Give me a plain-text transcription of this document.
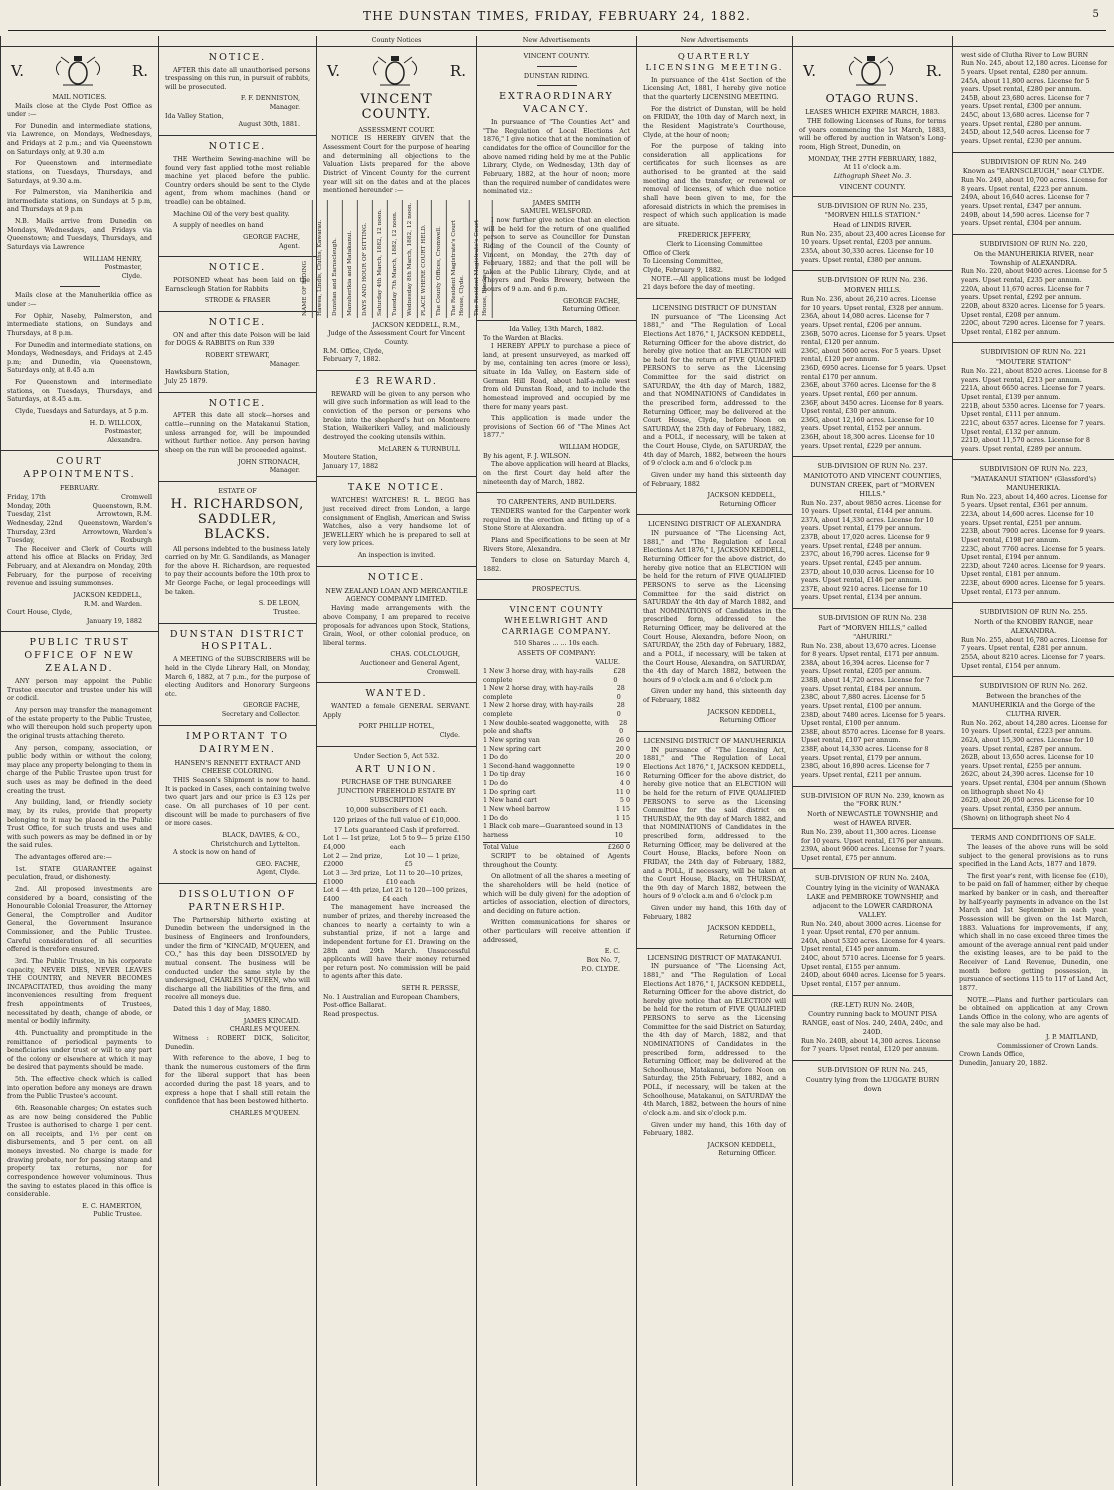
THE DUNSTAN TIMES, FRIDAY, FEBRUARY 24, 1882.	5

V.	R.
MAIL NOTICES.

Mails close at the Clyde Post Office as under :—

For Dunedin and intermediate stations, via Lawrence, on Mondays, Wednesdays, and Fridays at 2 p.m.; and via Queenstown on Saturdays only, at 9.30 a.m

For Queenstown and intermediate stations, on Tuesdays, Thursdays, and Saturdays, at 9.30 a.m.

For Palmerston, via Maniherikia and intermediate stations, on Sundays at 5 p.m, and Thursdays at 9 p.m

N.B. Mails arrive from Dunedin on Mondays, Wednesdays, and Fridays via Queenstown; and Tuesdays, Thursdays, and Saturdays via Lawrence

WILLIAM HENRY,
Postmaster,
Clyde.

Mails close at the Manuherikia office as under :—

For Ophir, Naseby, Palmerston, and intermediate stations, on Sundays and Thursdays, at 8 p.m.

For Dunedin and intermediate stations, on Mondays, Wednesdays, and Fridays at 2.45 p.m; and Dunedin, via Queenstown, Saturdays only, at 8.45 a.m

For Queenstown and intermediate stations, on Tuesdays, Thursdays, and Saturdays, at 8.45 a.m.

Clyde, Tuesdays and Saturdays, at 5 p.m.

H. D. WILLCOX,
Postmaster,
Alexandra.
COURT APPOINTMENTS.
FEBRUARY.
Friday, 17th	Cromwell
Monday, 20th	Queenstown, R.M.
Tuesday, 21st	Arrowtown, R.M.
Wednesday, 22nd Queenstown, Warden's
Thursday, 23rd	Arrowtown, Warden's
Tuesday,	Roxburgh

The Receiver and Clerk of Courts will attend his office at Blacks on Friday, 3rd February, and at Alexandra on Monday, 20th February, for the purpose of receiving revenue and issuing summonses.

JACKSON KEDDELL,
R.M. and Warden.
Court House, Clyde,
January 19, 1882
PUBLIC TRUST OFFICE OF NEW ZEALAND.

ANY person may appoint the Public Trustee executor and trustee under his will or codicil.

Any person may transfer the management of the estate property to the Public Trustee, who will thereupon hold such property upon the original trusts attaching thereto.

Any person, company, association, or public body within or without the colony, may place any property belonging to them in charge of the Public Trustee upon trust for such uses as may be defined in the deed creating the trust.

Any building, land, or friendly society may, by its rules, provide that property belonging to it may be placed in the Public Trust Office, for such trusts and uses and with such powers as may be defined in or by the said rules.

The advantages offered are:—

1st. STATE GUARANTEE against peculation, fraud, or dishonesty.

2nd. All proposed investments are considered by a board, consisting of the Honourable Colonial Treasurer, the Attorney General, the Comptroller and Auditor General, the Government Insurance Commissioner, and the Public Trustee. Careful consideration of all securities offered is therefore ensured.

3rd. The Public Trustee, in his corporate capacity, NEVER DIES, NEVER LEAVES THE COUNTRY, and NEVER BECOMES INCAPACITATED, thus avoiding the many inconveniences resulting from frequent fresh appointments of Trustees, necessitated by death, change of abode, or mental or bodily infirmity.

4th. Punctuality and promptitude in the remittance of periodical payments to beneficiaries under trust or will to any part of the colony or elsewhere at which it may be desired that payments should be made.

5th. The effective check which is called into operation before any moneys are drawn from the Public Trustee's account.

6th. Reasonable charges; On estates such as are now being considered the Public Trustee is authorised to charge 1 per cent. on all receipts, and 1½ per cent on disbursements, and 5 per cent. on all moneys invested. No charge is made for drawing probate, nor for passing stamp and property tax returns, nor for correspondence however voluminous. Thus the saving to estates placed in this office is considerable.

E. C. HAMERTON,
Public Trustee.

NOTICE.

AFTER this date all unauthorised persons trespassing on this run, in pursuit of rabbits, will be prosecuted.

F. F. DENNISTON,
Manager.
Ida Valley Station,
August 30th, 1881.
NOTICE.

THE Wertheim Sewing-machine will be found very fast applied tothe most reliable machine yet placed before the public. Country orders should be sent to the Clyde agent, from whom machines (hand or treadle) can be obtained.

Machine Oil of the very best quality.

A supply of needles on hand

GEORGE FACHE,
Agent.
NOTICE.

POISONED wheat has been laid on the Earnscleugh Station for Rabbits

STRODE & FRASER
NOTICE.

ON and after this date Poison will be laid for DOGS & RABBITS on Run 339

ROBERT STEWART,
Manager.
Hawksburn Station,
July 25 1879.
NOTICE.

AFTER this date all stock—horses and cattle—running on the Matakanui Station, unless arranged for, will be impounded without further notice. Any person having sheep on the run will be proceeded against.

JOHN STRONACH,
Manager.
ESTATE OF
H. RICHARDSON, SADDLER, BLACKS.

All persons indebted to the business lately carried on by Mr. G. Sandilands, as Manager for the above H. Richardson, are requested to pay their accounts before the 10th prox to Mr George Fache, or legal proceedings will be taken.

S. DE LEON,
Trustee.
DUNSTAN DISTRICT HOSPITAL.

A MEETING of the SUBSCRIBERS will be held in the Clyde Library Hall, on Monday, March 6, 1882, at 7 p.m., for the purpose of electing Auditors and Honorary Surgeons etc.

GEORGE FACHE,
Secretary and Collector.
IMPORTANT TO DAIRYMEN.
HANSEN'S RENNETT EXTRACT AND CHEESE COLORING.

THIS Season's Shipment is now to hand. It is packed in Cases, each containing twelve two quart jars and our price is £3 12s per case. On all purchases of 10 per cent. discount will be made to purchasers of five or more cases.

BLACK, DAVIES, & CO.,
Christchurch and Lyttelton.

A stock is now on hand of

GEO. FACHE,
Agent, Clyde.
DISSOLUTION OF PARTNERSHIP.

The Partnership hitherto existing at Dunedin between the undersigned in the business of Engineers and Ironfounders, under the firm of "KINCAID, M'QUEEN, and CO.," has this day been DISSOLVED by mutual consent. The business will be conducted under the same style by the undersigned, CHARLES M'QUEEN, who will discharge all the liabilities of the firm, and receive all moneys due.

Dated this 1 day of May, 1880.

JAMES KINCAID.
CHARLES M'QUEEN.

Witness : ROBERT DICK, Solicitor, Dunedin.

With reference to the above, I beg to thank the numerous customers of the firm for the liberal support that has been accorded during the past 18 years, and to express a hope that I shall still retain the confidence that has been bestowed hitherto.

CHARLES M'QUEEN.
County Notices
V.	R.
VINCENT COUNTY.
ASSESSMENT COURT.

NOTICE IS HEREBY GIVEN that the Assessment Court for the purpose of hearing and determining all objections to the Valuation Lists prepared for the above District of Vincent County for the current year will sit on the dates and at the places mentioned hereunder :—

NAME OF RIDING	Hawea, Lindis, Cluths, Kawarau.	Dunstan and Earnscleugh.	Manuherikia and Matakanui.	DAYS AND HOUR OF SITTING.	Saturday 4th March, 1882, 12 noon.	Tuesday 7th March, 1882, 12 noon.	Wednesday 8th March, 1882, 12 noon.	PLACE WHERE COURT HELD.	The County Offices, Cromwell.	The Resident Magistrate's Court House, Clyde.	The Resident Magistrate's Court House, Blacks.
JACKSON KEDDELL, R.M.,
Judge of the Assessment Court for Vincent County.
R.M. Office, Clyde,
February 7, 1882.
£3 REWARD.

REWARD will be given to any person who will give such information as will lead to the conviction of the person or persons who broke into the shepherd's hut on Monteere Station, Waikerikeri Valley, and maliciously destroyed the cooking utensils within.

McLAREN & TURNBULL
Moutere Station,
January 17, 1882
TAKE NOTICE.

WATCHES! WATCHES! R. L. BEGG has just received direct from London, a large consignment of English, American and Swiss Watches, also a very handsome lot of JEWELLERY which he is prepared to sell at very low prices.

An inspection is invited.
NOTICE.
NEW ZEALAND LOAN AND MERCANTILE AGENCY COMPANY LIMITED.

Having made arrangements with the above Company, I am prepared to receive proposals for advances upon Stock, Stations, Grain, Wool, or other colonial produce, on liberal terms.

CHAS. COLCLOUGH,
Auctioneer and General Agent,
Cromwell.
WANTED.

WANTED a female GENERAL SERVANT. Apply

PORT PHILLIP HOTEL,
Clyde.
Under Section 5, Act 532.
ART UNION.
PURCHASE OF THE BUNGAREE JUNCTION FREEHOLD ESTATE BY SUBSCRIPTION
10,000 subscribers of £1 each.
120 prizes of the full value of £10,000.
17 Lots guaranteed Cash if preferred.
Lot 1 — 1st prize, £4,000
Lot 5 to 9— 5 prize £150 each
Lot 2 — 2nd prize, £2000
Lot 10 — 1 prize, £5
Lot 3 — 3rd prize, £1000
Lot 11 to 20—10 prizes, £10 each
Lot 4 — 4th prize, £400
Lot 21 to 120—100 prizes, £4 each

The management have increased the number of prizes, and thereby increased the chances to nearly a certainty to win a substantial prize, if not a large and independent fortune for £1. Drawing on the 28th and 29th March. Unsuccessful applicants will have their money returned per return post. No commission will be paid to agents after this date.

SETH R. PERSSE,
No. 1 Australian and European Chambers, Post-office Ballarat.
Read prospectus.
New Advertisements
VINCENT COUNTY.
DUNSTAN RIDING.
EXTRAORDINARY VACANCY.

In pursuance of "The Counties Act" and "The Regulation of Local Elections Act 1876," I give notice that at the nomination of candidates for the office of Councillor for the above named riding held by me at the Public Library, Clyde, on Wednesday, 13th day of February, 1882, at the hour of noon; more than the required number of candidates were nominated viz.:

JAMES SMITH
SAMUEL WELSFORD.

I now further give notice that an election will be held for the return of one qualified person to serve as Councillor for Dunstan Riding of the Council of the County of Vincent, on Monday, the 27th day of February, 1882; and that the poll will be taken at the Public Library, Clyde, and at Theyers and Peeks Brewery, between the hours of 9 a.m. and 6 p.m.

GEORGE FACHE,
Returning Officer.
Ida Valley, 13th March, 1882.
To the Warden at Blacks.

I HEREBY APPLY to purchase a piece of land, at present unsurveyed, as marked off by me, containing ten acres (more or less), situate in Ida Valley, on Eastern side of German Hill Road, about half-a-mile west from old Dunstan Road, and to include the homestead improved and occupied by me there for many years past.

This application is made under the provisions of Section 66 of "The Mines Act 1877."

WILLIAM HODGE,
By his agent, F. J. WILSON.

The above application will heard at Blacks, on the first Court day held after the nineteenth day of March, 1882.

TO CARPENTERS, AND BUILDERS.

TENDERS wanted for the Carpenter work required in the erection and fitting up of a Stone Store at Alexandra.

Plans and Specifications to be seen at Mr Rivers Store, Alexandra.

Tenders to close on Saturday March 4, 1882.

PROSPECTUS.
VINCENT COUNTY WHEELWRIGHT AND CARRIAGE COMPANY.
510 Shares ... ... 10s each.
ASSETS OF COMPANY:
VALUE.
1 New 3 horse dray, with hay-rails complete
£28 0
1 New 2 horse dray, with hay-rails complete
28 0
1 New 2 horse dray, with hay-rails complete
28 0
1 New double-seated waggonette, with pole and shafts
28 0
1 New spring van	26 0
1 New spring cart	20 0
1 Do do	20 0
1 Second-hand waggonnette	19 0
1 Do tip dray	16 0
1 Do do	4 0
1 Do spring cart	11 0
1 New hand cart	5 0
1 New wheel barrow	1 15
1 Do do	1 15
1 Black cob mare—Guaranteed sound in harness
13 10
Total Value	£260 0

SCRIPT to be obtained of Agents throughout the County.

On allotment of all the shares a meeting of the shareholders will be held (notice of which will be duly given) for the adoption of articles of association, election of directors, and deciding on future action.

Written communications for shares or other particulars will receive attention if addressed,

E. C.
Box No. 7,
P.O. CLYDE.
New Advertisements
QUARTERLY LICENSING MEETING.

In pursuance of the 41st Section of the Licensing Act, 1881, I hereby give notice that the quarterly LICENSING MEETING.

For the district of Dunstan, will be held on FRIDAY, the 10th day of March next, in the Resident Magistrate's Courthouse, Clyde, at the hour of noon;

For the purpose of taking into consideration all applications for certificates for such licenses as are authorised to be granted at the said meeting and the transfer, or renewal or removal of licenses, of which due notice shall have been given to me, for the aforesaid districts in which the premises in respect of which such application is made are situate.

FREDERICK JEFFERY,
Clerk to Licensing Committee
Office of Clerk
To Licensing Committee,
Clyde, February 9, 1882.

NOTE.—All applications must be lodged 21 days before the day of meeting.

LICENSING DISTRICT OF DUNSTAN

IN pursuance of "The Licensing Act 1881," and "The Regulation of Local Elections Act 1876," I, JACKSON KEDDELL, Returning Officer for the above district, do hereby give notice that an ELECTION will be held for the return of FIVE QUALIFIED PERSONS to serve as the Licensing Committee for the said district on SATURDAY, the 4th day of March, 1882, and that NOMINATIONS of Candidates in the prescribed form, addressed to the Returning Officer, may be delivered at the Court House, Clyde, before Noon on SATURDAY, the 25th day of February, 1882, and a POLL, if necessary, will be taken at the Court House, Clyde, on SATURDAY, the 4th day of March, 1882, between the hours of 9 o'clock a.m and 6 o'clock p.m

Given under my hand this sixteenth day of February, 1882

JACKSON KEDDELL,
Returning Officer
LICENSING DISTRICT OF ALEXANDRA

IN pursuance of "The Licensing Act, 1881," and "The Regulation of Local Elections Act 1876," I, JACKSON KEDDELL, Returning Officer for the above district, do hereby give notice that an ELECTION will be held for the return of FIVE QUALIFIED PERSONS to serve as the Licensing Committee for the said district on SATURDAY the 4th day of March 1882, and that NOMINATIONS of Candidates in the prescribed form, addressed to the Returning Officer, may be delivered at the Court House, Alexandra, before Noon, on SATURDAY, the 25th day of February, 1882, and a POLL, if necessary, will be taken at the Court House, Alexandra, on SATURDAY, the 4th day of March 1882, between the hours of 9 o'clock a.m and 6 o'clock p.m

Given under my hand, this sixteenth day of February, 1882

JACKSON KEDDELL,
Returning Officer
LICENSING DISTRICT OF MANUHERIKIA

IN pursuance of "The Licensing Act, 1881," and "The Regulation of Local Elections Act 1876," I, JACKSON KEDDELL, Returning Officer for the above district, do hereby give notice that an ELECTION will be held for the return of FIVE QUALIFIED PERSONS to serve as the Licensing Committee for the said district on THURSDAY, the 9th day of March 1882, and that NOMINATIONS of Candidates in the prescribed form, addressed to the Returning Officer, may be delivered at the Court House, Blacks, before Noon on FRIDAY, the 24th day of February, 1882, and a POLL, if necessary, will be taken at the Court House, Blacks, on THURSDAY, the 9th day of March 1882, between the hours of 9 o'clock a.m and 6 o'clock p.m

Given under my hand, this 16th day of February, 1882

JACKSON KEDDELL,
Returning Officer
LICENSING DISTRICT OF MATAKANUI.

IN pursuance of "The Licensing Act, 1881," and "The Regulation of Local Elections Act 1876," I, JACKSON KEDDELL, Returning Officer for the above district, do hereby give notice that an ELECTION will be held for the return of FIVE QUALIFIED PERSONS to serve as the Licensing Committee for the said District on Saturday, the 4th day of March, 1882, and that NOMINATIONS of Candidates in the prescribed form, addressed to the Returning Officer, may be delivered at the Schoolhouse, Matakanui, before Noon on Saturday, the 25th February, 1882, and a POLL, if necessary, will be taken at the Schoolhouse, Matakanui, on SATURDAY the 4th March, 1882, between the hours of nine o'clock a.m. and six o'clock p.m.

Given under my hand, this 16th day of February, 1882.

JACKSON KEDDELL,
Returning Officer.

V.	R.
OTAGO RUNS.
LEASES WHICH EXPIRE MARCH, 1883.

THE following Licenses of Runs, for terms of years commencing the 1st March, 1883, will be offered by auction in Watson's Long-room, High Street, Dunedin, on

MONDAY, THE 27TH FEBRUARY, 1882,
At 11 o'clock a.m.
Lithograph Sheet No. 3.
VINCENT COUNTY.
SUB-DIVISION OF RUN No. 235, "MORVEN HILLS STATION."
Head of LINDIS RIVER.
Run No. 235, about 23,400 acres License for 10 years. Upset rental, £203 per annum.
235A, about 30,330 acres. License for 10 years. Upset rental, £380 per annum.
SUB-DIVISION OF RUN No. 236.
MORVEN HILLS.
Run No. 236, about 26,210 acres. License for 10 years. Upset rental, £328 per annum.
236A, about 14,080 acres. License for 7 years. Upset rental, £206 per annum.
236B, 5070 acres. License for 5 years. Upset rental, £120 per annum.
236C, about 5600 acres. For 5 years. Upset rental, £120 per annum.
236D, 6950 acres. License for 5 years. Upset rental £170 per annum.
236E, about 3760 acres. License for the 8 years. Upset rental, £60 per annum.
236F, about 3450 acres. License for 8 years. Upset rental, £30 per annum.
236G, about 12,160 acres. License for 10 years. Upset rental, £152 per annum.
236H, about 18,300 acres. License for 10 years. Upset rental, £229 per annum.
SUB-DIVISION OF RUN No. 237.
MANIOTOTO AND VINCENT COUNTIES, DUNSTAN CREEK, part of "MORVEN HILLS."
Run No. 237, about 9850 acres. License for 10 years. Upset rental, £144 per annum.
237A, about 14,330 acres. License for 10 years. Upset rental, £179 per annum.
237B, about 17,020 acres. License for 9 years. Upset rental, £248 per annum.
237C, about 16,790 acres. License for 9 years. Upset rental, £245 per annum.
237D, about 10,030 acres. License for 10 years. Upset rental, £146 per annum.
237E, about 9210 acres. License for 10 years. Upset rental, £134 per annum.
SUB-DIVISION OF RUN No. 238
Part of "MORVEN HILLS," called "AHURIRI."
Run No. 238, about 13,670 acres. License for 8 years. Upset rental, £171 per annum.
238A, about 16,394 acres. License for 7 years. Upset rental, £205 per annum.
238B, about 14,720 acres. License for 7 years. Upset rental, £184 per annum.
238C, about 7,880 acres. License for 5 years. Upset rental, £100 per annum.
238D, about 7480 acres. License for 5 years. Upset rental, £100 per annum.
238E, about 8570 acres. License for 8 years. Upset rental, £107 per annum.
238F, about 14,330 acres. License for 8 years. Upset rental, £179 per annum.
238G, about 16,890 acres. License for 7 years. Upset rental, £211 per annum.
SUB-DIVISION OF RUN No. 239, known as the "FORK RUN."
North of NEWCASTLE TOWNSHIP, and west of HAWEA RIVER.
Run No. 239, about 11,300 acres. License for 10 years. Upset rental, £176 per annum.
239A, about 9600 acres. License for 7 years. Upset rental, £75 per annum.
SUB-DIVISION OF RUN No. 240A,
Country lying in the vicinity of WANAKA LAKE and PEMBROKE TOWNSHIP, and adjacent to the LOWER CARDRONA VALLEY.
Run No. 240, about 3000 acres. License for 1 year. Upset rental, £70 per annum.
240A, about 5320 acres. License for 4 years. Upset rental, £145 per annum.
240C, about 5710 acres. License for 5 years. Upset rental, £155 per annum.
240D, about 6040 acres. License for 5 years. Upset rental, £157 per annum.
(RE-LET) RUN No. 240B,
Country running back to MOUNT PISA RANGE, east of Nos. 240, 240A, 240c, and 240D.
Run No. 240B, about 14,300 acres. License for 7 years. Upset rental, £120 per annum.
SUB-DIVISION OF RUN No. 245,
Country lying from the LUGGATE BURN down

west side of Clutha River to Low BURN
Run No. 245, about 12,180 acres. License for 5 years. Upset rental, £280 per annum.
245A, about 11,800 acres. License for 5 years. Upset rental, £280 per annum.
245B, about 23,680 acres. License for 7 years. Upset rental, £300 per annum.
245C, about 13,680 acres. License for 7 years. Upset rental, £280 per annum.
245D, about 12,540 acres. License for 7 years. Upset rental, £230 per annum.
SUBDIVISION OF RUN No. 249
Known as "EARNSCLEUGH," near CLYDE.
Run No. 249, about 10,700 acres. License for 8 years. Upset rental, £223 per annum.
249A, about 16,640 acres. License for 7 years. Upset rental, £347 per annum.
249B, about 14,590 acres. License for 7 years. Upset rental, £304 per annum.
SUBDIVISION OF RUN No. 220,
On the MANUHERIKIA RIVER, near Township of ALEXANDRA.
Run No. 220, about 9400 acres. License for 5 years. Upset rental, £235 per annum.
220A, about 11,670 acres. License for 7 years. Upset rental, £292 per annum.
220B, about 8320 acres. License for 5 years. Upset rental, £208 per annum.
220C, about 7290 acres. License for 7 years. Upset rental, £182 per annum.
SUBDIVISION OF RUN No. 221
"MOUTERE STATION"
Run No. 221, about 8520 acres. License for 8 years. Upset rental, £213 per annum.
221A, about 6650 acres. License for 7 years. Upset rental, £139 per annum.
221B, about 5350 acres. License for 7 years. Upset rental, £111 per annum.
221C, about 6357 acres. License for 7 years. Upset rental, £132 per annum.
221D, about 11,570 acres. License for 8 years. Upset rental, £289 per annum.
SUBDIVISION OF RUN No. 223,
"MATAKANUI STATION" (Glassford's) MANUHERIKIA.
Run No. 223, about 14,460 acres. License for 5 years. Upset rental, £361 per annum.
223A, about 14,600 acres. License for 10 years. Upset rental, £251 per annum.
223B, about 7900 acres. License for 9 years. Upset rental, £198 per annum.
223C, about 7760 acres. License for 5 years. Upset rental, £194 per annum.
223D, about 7240 acres. License for 9 years. Upset rental, £181 per annum.
223E, about 6900 acres. License for 5 years. Upset rental, £173 per annum.
SUBDIVISION OF RUN No. 255.
North of the KNOBBY RANGE, near ALEXANDRA.
Run No. 255, about 16,780 acres. License for 7 years. Upset rental, £281 per annum.
255A, about 8210 acres. License for 7 years. Upset rental, £154 per annum.
SUBDIVISION OF RUN No. 262.
Between the branches of the MANUHERIKIA and the Gorge of the CLUTHA RIVER.
Run No. 262, about 14,280 acres. License for 10 years. Upset rental, £223 per annum.
262A, about 15,300 acres. License for 10 years. Upset rental, £287 per annum.
262B, about 13,650 acres. License for 10 years. Upset rental, £255 per annum.
262C, about 24,390 acres. License for 10 years. Upset rental, £304 per annum (Shown on lithograph sheet No 4)
262D, about 26,050 acres. License for 10 years. Upset rental, £350 per annum. (Shown) on lithograph sheet No 4
TERMS AND CONDITIONS OF SALE.

The leases of the above runs will be sold subject to the general provisions as to runs specified in the Land Acts, 1877 and 1879.

The first year's rent, with license fee (£10), to be paid on fall of hammer, either by cheque marked by banker or in cash, and thereafter by half-yearly payments in advance on the 1st March and 1st September in each year. Possession will be given on the 1st March, 1883. Valuations for improvements, if any, which shall in no case exceed three times the amount of the average annual rent paid under the existing leases, are to be paid to the Receiver of Land Revenue, Dunedin, one month before getting possession, in pursuance of sections 115 to 117 of Land Act, 1877.

NOTE.—Plans and further particulars can be obtained on application at any Crown Lands Office in the colony, who are agents of the sale may also be had.

J. P. MAITLAND,
Commissioner of Crown Lands.
Crown Lands Office,
Dunedin, January 20, 1882.
